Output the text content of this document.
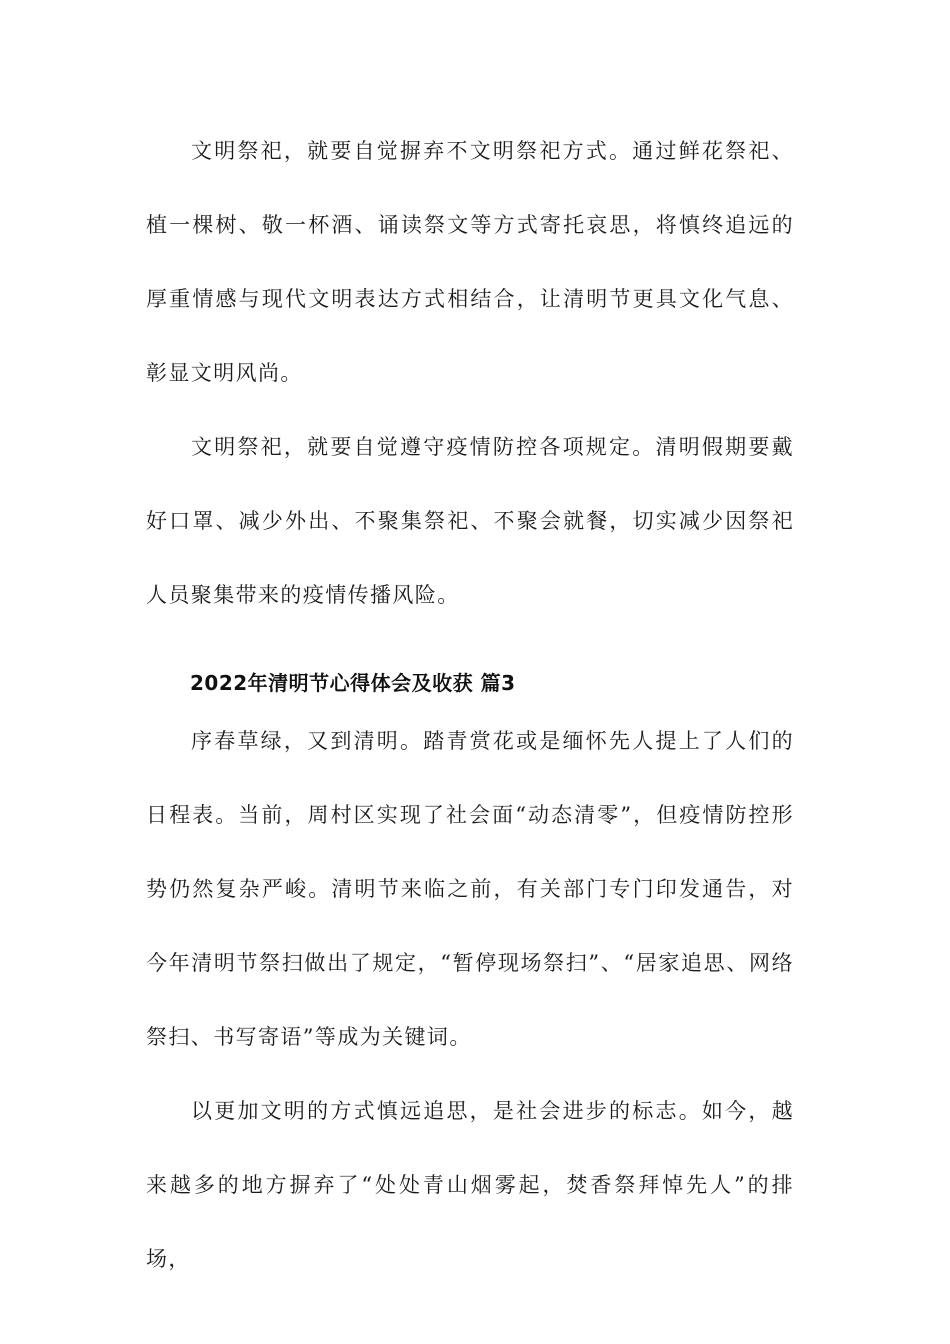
文明祭祀，就要自觉摒弃不文明祭祀方式。通过鲜花祭祀、植一棵树、敬一杯酒、诵读祭文等方式寄托哀思，将慎终追远的厚重情感与现代文明表达方式相结合，让清明节更具文化气息、彰显文明风尚。

文明祭祀，就要自觉遵守疫情防控各项规定。清明假期要戴好口罩、减少外出、不聚集祭祀、不聚会就餐，切实减少因祭祀人员聚集带来的疫情传播风险。

2022年清明节心得体会及收获 篇3

序春草绿，又到清明。踏青赏花或是缅怀先人提上了人们的日程表。当前，周村区实现了社会面“动态清零”，但疫情防控形势仍然复杂严峻。清明节来临之前，有关部门专门印发通告，对今年清明节祭扫做出了规定，“暂停现场祭扫”、“居家追思、网络祭扫、书写寄语”等成为关键词。

以更加文明的方式慎远追思，是社会进步的标志。如今，越来越多的地方摒弃了“处处青山烟雾起，焚香祭拜悼先人”的排场，
